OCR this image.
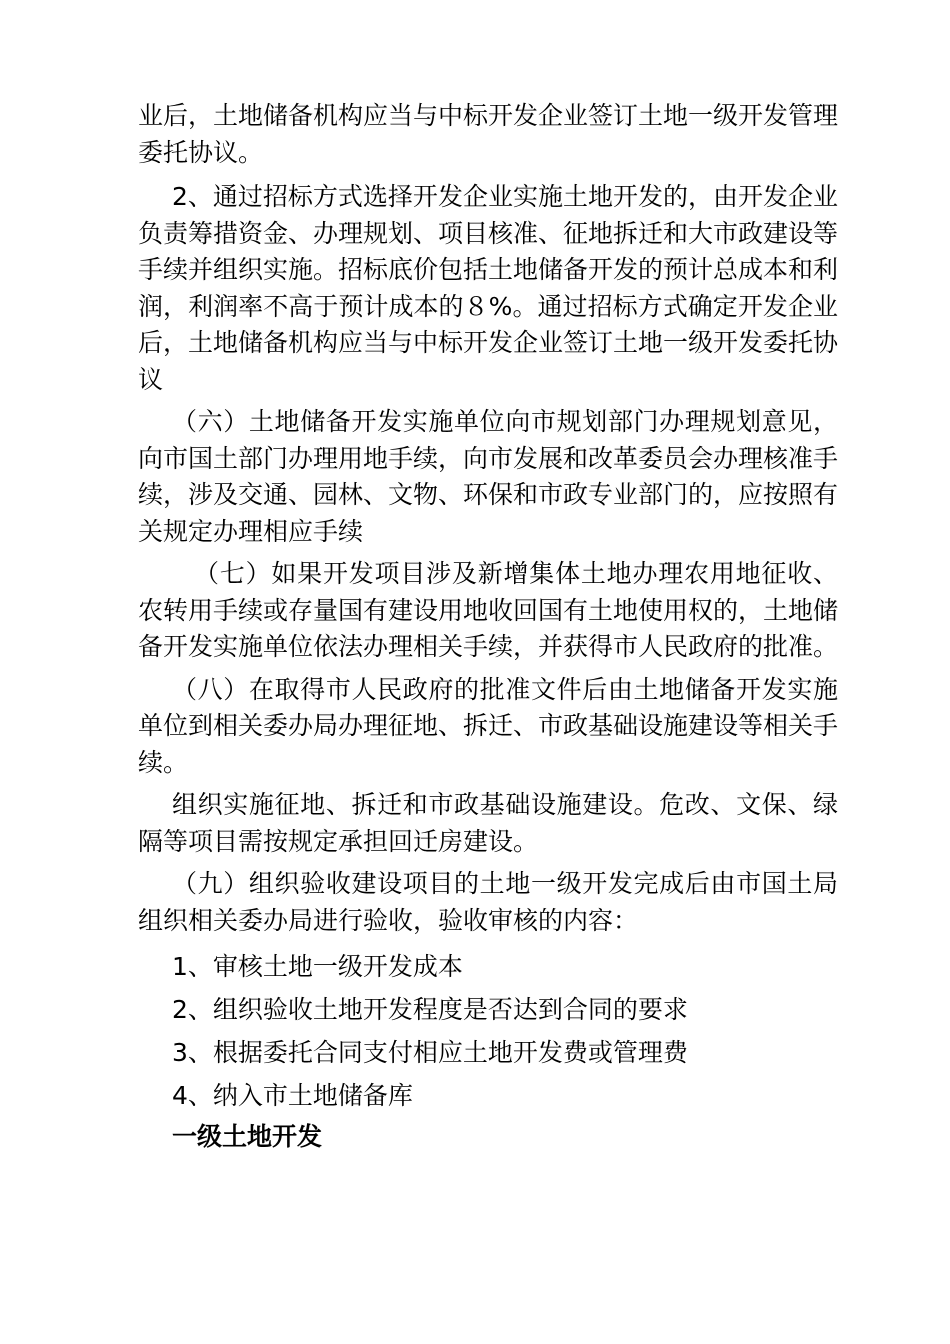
业后，土地储备机构应当与中标开发企业签订土地一级开发管理委托协议。

2、通过招标方式选择开发企业实施土地开发的，由开发企业负责筹措资金、办理规划、项目核准、征地拆迁和大市政建设等手续并组织实施。招标底价包括土地储备开发的预计总成本和利润，利润率不高于预计成本的８%。通过招标方式确定开发企业后，土地储备机构应当与中标开发企业签订土地一级开发委托协议

（六）土地储备开发实施单位向市规划部门办理规划意见，向市国土部门办理用地手续，向市发展和改革委员会办理核准手续，涉及交通、园林、文物、环保和市政专业部门的，应按照有关规定办理相应手续

（七）如果开发项目涉及新增集体土地办理农用地征收、农转用手续或存量国有建设用地收回国有土地使用权的，土地储备开发实施单位依法办理相关手续，并获得市人民政府的批准。

（八）在取得市人民政府的批准文件后由土地储备开发实施单位到相关委办局办理征地、拆迁、市政基础设施建设等相关手续。

组织实施征地、拆迁和市政基础设施建设。危改、文保、绿隔等项目需按规定承担回迁房建设。

（九）组织验收建设项目的土地一级开发完成后由市国土局组织相关委办局进行验收，验收审核的内容：

1、审核土地一级开发成本
2、组织验收土地开发程度是否达到合同的要求
3、根据委托合同支付相应土地开发费或管理费
4、纳入市土地储备库
一级土地开发
